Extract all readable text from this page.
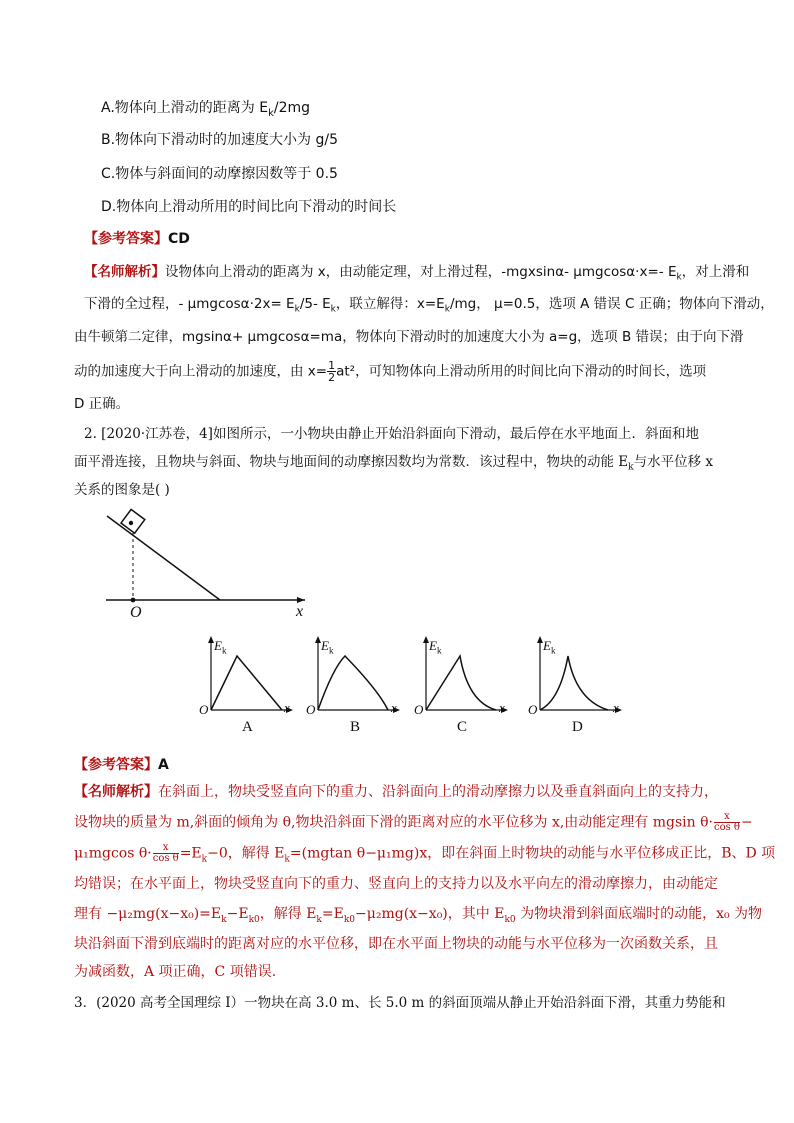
A.物体向上滑动的距离为 $E_k/2mg$

B.物体向下滑动时的加速度大小为 g/5

C.物体与斜面间的动摩擦因数等于 0.5

D.物体向上滑动所用的时间比向下滑动的时间长

【参考答案】CD

【名师解析】设物体向上滑动的距离为 x，由动能定理，对上滑过程，-mgxsinα- μmgcosα·x=- $E_k$，对上滑和

下滑的全过程，- $\mu mgcos\alpha\cdot 2x= E_k/5-$ $E_k$，联立解得：$x=E_k/mg$， μ=0.5，选项 A 错误 C 正确；物体向下滑动，

由牛顿第二定律，mgsinα+ μmgcosα=ma，物体向下滑动时的加速度大小为 a=g，选项 B 错误；由于向下滑

动的加速度大于向上滑动的加速度，由 $x= \frac{1}{2} at^2$，可知物体向上滑动所用的时间比向下滑动的时间长，选项

D 正确。

2. [2020·江苏卷，4]如图所示，一小物块由静止开始沿斜面向下滑动，最后停在水平地面上．斜面和地

面平滑连接，且物块与斜面、物块与地面间的动摩擦因数均为常数．该过程中，物块的动能 $E_k$与水平位移 x

关系的图象是( )

O	x
$E_k$
O	x
A
$E_k$
O	x
B
$E_k$
O	x
C
$E_k$
O	x
D

【参考答案】A

【名师解析】在斜面上，物块受竖直向下的重力、沿斜面向上的滑动摩擦力以及垂直斜面向上的支持力，

设物块的质量为 m,斜面的倾角为 θ,物块沿斜面下滑的距离对应的水平位移为 x,由动能定理有 mgsin $\theta\cdot \frac{x}{\text{cos θ}}$ −

μ₁mgcos $\theta\cdot \frac{x}{\text{cos θ}} =E_k-0$，解得 $E_k=(mgtan$ θ−μ₁mg)x，即在斜面上时物块的动能与水平位移成正比，B、D 项

均错误；在水平面上，物块受竖直向下的重力、竖直向上的支持力以及水平向左的滑动摩擦力，由动能定

理有 $-\mu_2mg(x-x_0)=E_k-E_{k0}$，解得 $E_k=E_{k0}-\mu_2mg(x-x_0)$，其中 $E_{k0}$ 为物块滑到斜面底端时的动能，x₀ 为物

块沿斜面下滑到底端时的距离对应的水平位移，即在水平面上物块的动能与水平位移为一次函数关系，且

为减函数，A 项正确，C 项错误.

3．(2020 高考全国理综 I）一物块在高 3.0 m、长 5.0 m 的斜面顶端从静止开始沿斜面下滑，其重力势能和
